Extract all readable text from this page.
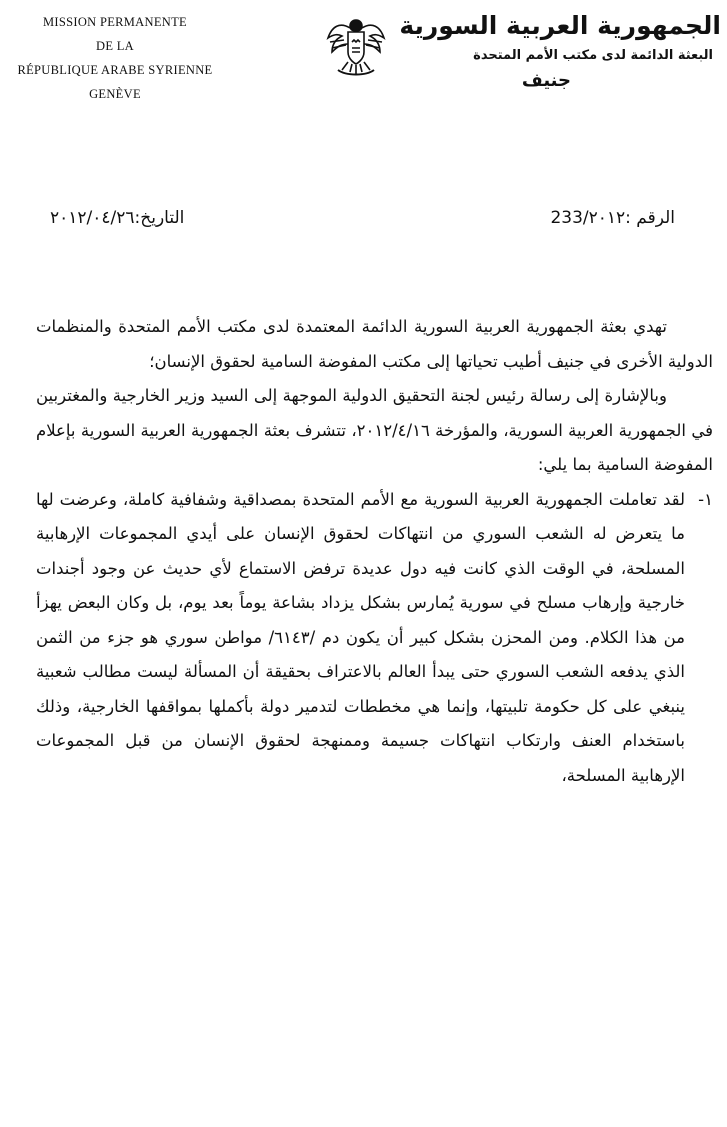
MISSION PERMANENTE
DE LA
RÉPUBLIQUE ARABE SYRIENNE
GENÈVE
الجمهورية العربية السورية
البعثة الدائمة لدى مكتب الأمم المتحدة
جنيف
الرقم :233/٢٠١٢
التاريخ:٢٠١٢/٠٤/٢٦

تهدي بعثة الجمهورية العربية السورية الدائمة المعتمدة لدى مكتب الأمم المتحدة والمنظمات الدولية الأخرى في جنيف أطيب تحياتها إلى مكتب المفوضة السامية لحقوق الإنسان؛

وبالإشارة إلى رسالة رئيس لجنة التحقيق الدولية الموجهة إلى السيد وزير الخارجية والمغتربين في الجمهورية العربية السورية، والمؤرخة ٢٠١٢/٤/١٦، تتشرف بعثة الجمهورية العربية السورية بإعلام المفوضة السامية بما يلي:

١-
لقد تعاملت الجمهورية العربية السورية مع الأمم المتحدة بمصداقية وشفافية كاملة، وعرضت لها ما يتعرض له الشعب السوري من انتهاكات لحقوق الإنسان على أيدي المجموعات الإرهابية المسلحة، في الوقت الذي كانت فيه دول عديدة ترفض الاستماع لأي حديث عن وجود أجندات خارجية وإرهاب مسلح في سورية يُمارس بشكل يزداد بشاعة يوماً بعد يوم، بل وكان البعض يهزأ من هذا الكلام. ومن المحزن بشكل كبير أن يكون دم /٦١٤٣/ مواطن سوري هو جزء من الثمن الذي يدفعه الشعب السوري حتى يبدأ العالم بالاعتراف بحقيقة أن المسألة ليست مطالب شعبية ينبغي على كل حكومة تلبيتها، وإنما هي مخططات لتدمير دولة بأكملها بمواقفها الخارجية، وذلك باستخدام العنف وارتكاب انتهاكات جسيمة وممنهجة لحقوق الإنسان من قبل المجموعات الإرهابية المسلحة،
